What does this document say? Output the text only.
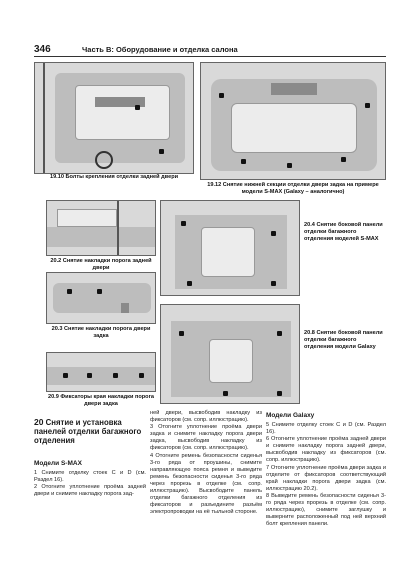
346	Часть В: Оборудование и отделка салона
19.10 Болты крепления отделки задней двери
19.12 Снятие нижней секции отделки двери задка на примере модели S-MAX (Galaxy – аналогично)
20.2 Снятие накладки порога задней двери
20.3 Снятие накладки порога двери задка
20.9 Фиксаторы края накладки порога двери задка
20.4 Снятие боковой панели отделки багажного отделения моделей S-MAX
20.8 Снятие боковой панели отделки багажного отделения модели Galaxy
20 Снятие и установка панелей отделки багажного отделения
Модели S-MAX

1 Снимите отделку стоек С и D (см. Раздел 16).

2 Отогните уплотнение проёма задней двери и снимите накладку порога зад-

ней двери, высвободив накладку из фиксаторов (см. сопр. иллюстрацию).

3 Отогните уплотнение проёма двери задка и снимите накладку порога двери задка, высвободив накладку из фиксаторов (см. сопр. иллюстрацию).

4 Отогните ремень безопасности сиденья 3-го ряда от проушины, снимите направляющую пояса ремня и выведите ремень безопасности сиденья 3-го ряда через прорезь в отделке (см. сопр. иллюстрацию). Высвободите панель отделки багажного отделения из фиксаторов и разъедините разъём электропроводки на её тыльной стороне.

Модели Galaxy

5 Снимите отделку стоек С и D (см. Раздел 16).

6 Отогните уплотнение проёма задней двери и снимите накладку порога задней двери, высвободив накладку из фиксаторов (см. сопр. иллюстрацию).

7 Отогните уплотнение проёма двери задка и отделите от фиксаторов соответствующий край накладки порога двери задка (см. иллюстрацию 20.2).

8 Выведите ремень безопасности сиденья 3-го ряда через прорезь в отделке (см. сопр. иллюстрацию), снимите заглушку и выверните расположенный под ней верхний болт крепления панели.
